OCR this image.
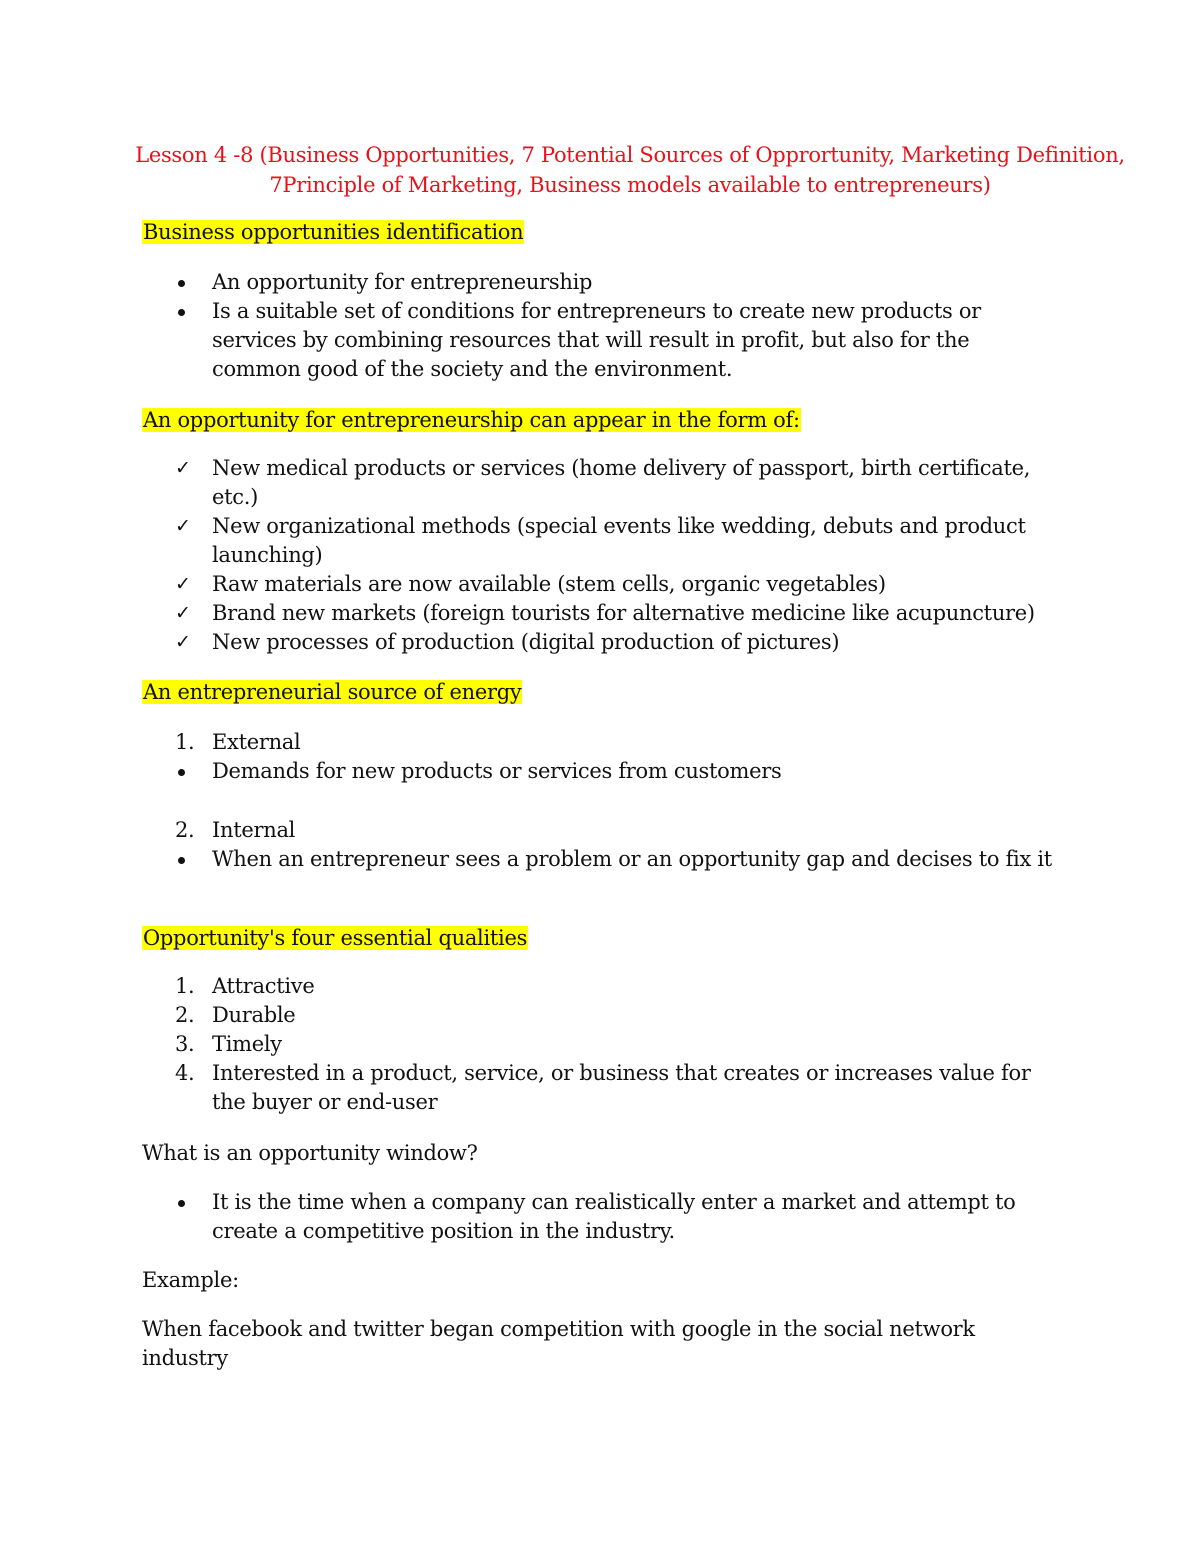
Lesson 4 -8 (Business Opportunities, 7 Potential Sources of Opprortunity, Marketing Definition, 7Principle of Marketing, Business models available to entrepreneurs)
Business opportunities identification
An opportunity for entrepreneurship
Is a suitable set of conditions for entrepreneurs to create new products or services by combining resources that will result in profit, but also for the common good of the society and the environment.
An opportunity for entrepreneurship can appear in the form of:
✓ New medical products or services (home delivery of passport, birth certificate, etc.)
✓ New organizational methods (special events like wedding, debuts and product launching)
✓ Raw materials are now available (stem cells, organic vegetables)
✓ Brand new markets (foreign tourists for alternative medicine like acupuncture)
✓ New processes of production (digital production of pictures)
An entrepreneurial source of energy
1. External
Demands for new products or services from customers
2. Internal
When an entrepreneur sees a problem or an opportunity gap and decises to fix it
Opportunity's four essential qualities
1. Attractive
2. Durable
3. Timely
4. Interested in a product, service, or business that creates or increases value for the buyer or end-user
What is an opportunity window?
It is the time when a company can realistically enter a market and attempt to create a competitive position in the industry.
Example:
When facebook and twitter began competition with google in the social network industry
